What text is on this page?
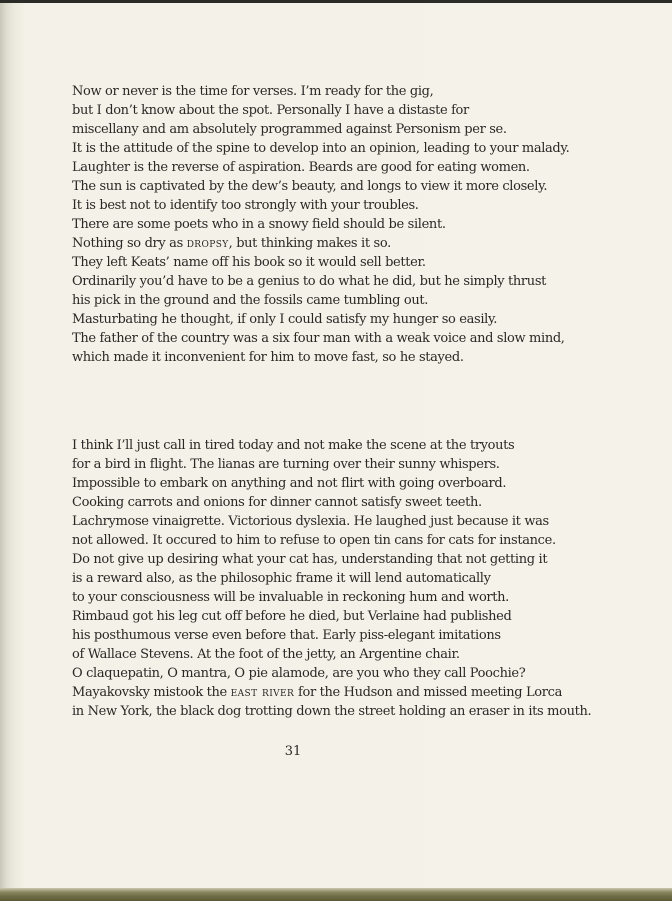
Now or never is the time for verses. I’m ready for the gig,
but I don’t know about the spot. Personally I have a distaste for
miscellany and am absolutely programmed against Personism per se.
It is the attitude of the spine to develop into an opinion, leading to your malady.
Laughter is the reverse of aspiration. Beards are good for eating women.
The sun is captivated by the dew’s beauty, and longs to view it more closely.
It is best not to identify too strongly with your troubles.
There are some poets who in a snowy field should be silent.
Nothing so dry as dropsy, but thinking makes it so.
They left Keats’ name off his book so it would sell better.
Ordinarily you’d have to be a genius to do what he did, but he simply thrust
his pick in the ground and the fossils came tumbling out.
Masturbating he thought, if only I could satisfy my hunger so easily.
The father of the country was a six four man with a weak voice and slow mind,
which made it inconvenient for him to move fast, so he stayed.
I think I’ll just call in tired today and not make the scene at the tryouts
for a bird in flight. The lianas are turning over their sunny whispers.
Impossible to embark on anything and not flirt with going overboard.
Cooking carrots and onions for dinner cannot satisfy sweet teeth.
Lachrymose vinaigrette. Victorious dyslexia. He laughed just because it was
not allowed. It occured to him to refuse to open tin cans for cats for instance.
Do not give up desiring what your cat has, understanding that not getting it
is a reward also, as the philosophic frame it will lend automatically
to your consciousness will be invaluable in reckoning hum and worth.
Rimbaud got his leg cut off before he died, but Verlaine had published
his posthumous verse even before that. Early piss-elegant imitations
of Wallace Stevens. At the foot of the jetty, an Argentine chair.
O claquepatin, O mantra, O pie alamode, are you who they call Poochie?
Mayakovsky mistook the east river for the Hudson and missed meeting Lorca
in New York, the black dog trotting down the street holding an eraser in its mouth.
31
